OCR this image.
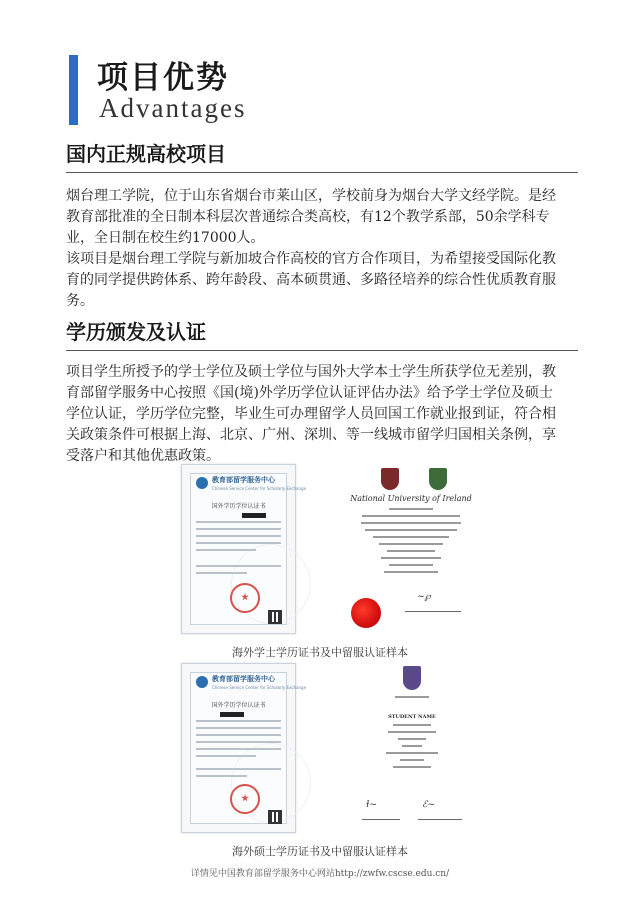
项目优势
Advantages
国内正规高校项目
烟台理工学院，位于山东省烟台市莱山区，学校前身为烟台大学文经学院。是经
教育部批准的全日制本科层次普通综合类高校，有12个教学系部，50余学科专
业，全日制在校生约17000人。
该项目是烟台理工学院与新加坡合作高校的官方合作项目，为希望接受国际化教
育的同学提供跨体系、跨年龄段、高本硕贯通、多路径培养的综合性优质教育服
务。
学历颁发及认证
项目学生所授予的学士学位及硕士学位与国外大学本士学生所获学位无差别，教
育部留学服务中心按照《国(境)外学历学位认证评估办法》给予学士学位及硕士
学位认证，学历学位完整，毕业生可办理留学人员回国工作就业报到证，符合相
关政策条件可根据上海、北京、广州、深圳、等一线城市留学归国相关条例，享
受落户和其他优惠政策。
教育部留学服务中心
Chinese Service Center for Scholarly Exchange
国外学历学位认证书
National University of Ireland
~℘
海外学士学历证书及中留服认证样本
教育部留学服务中心
Chinese Service Center for Scholarly Exchange
国外学历学位认证书
STUDENT NAME
ɫ~	ℰ~
海外硕士学历证书及中留服认证样本
详情见中国教育部留学服务中心网站http://zwfw.cscse.edu.cn/
